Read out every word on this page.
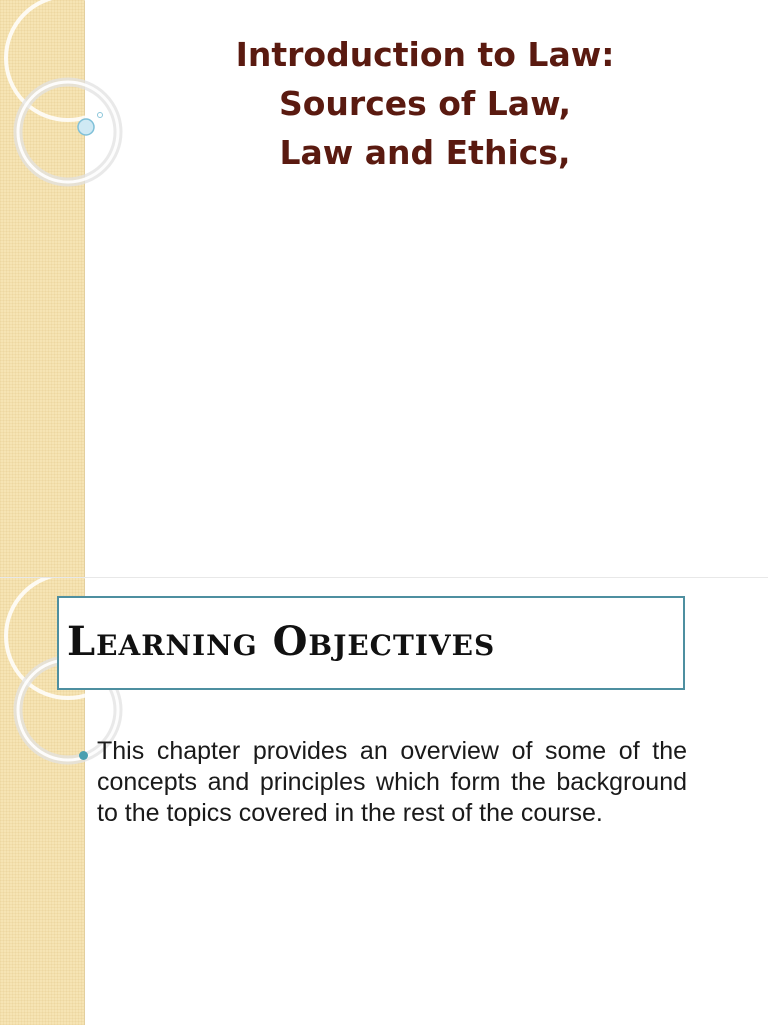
Introduction to Law:
Sources of Law,
Law and Ethics,
Learning Objectives
This chapter provides an overview of some of the concepts and principles which form the background to the topics covered in the rest of the course.
